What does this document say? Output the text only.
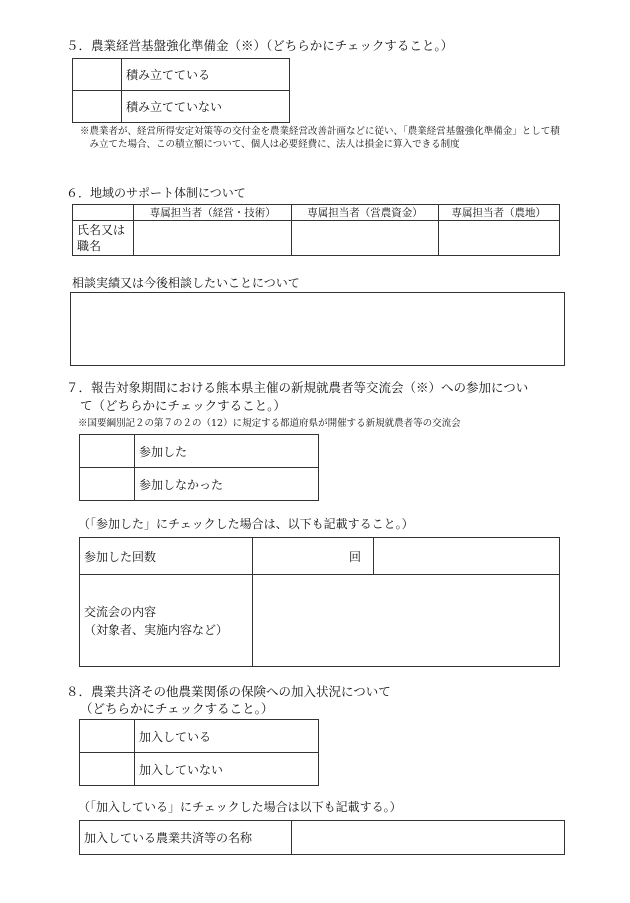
５．農業経営基盤強化準備金（※）（どちらかにチェックすること。）
	積み立てている
	積み立てていない
※農業者が、経営所得安定対策等の交付金を農業経営改善計画などに従い、「農業経営基盤強化準備金」として積み立てた場合、この積立額について、個人は必要経費に、法人は損金に算入できる制度
６．地域のサポート体制について
	専属担当者（経営・技術）	専属担当者（営農資金）	専属担当者（農地）
氏名又は職名			
相談実績又は今後相談したいことについて
７．報告対象期間における熊本県主催の新規就農者等交流会（※）への参加につい
て（どちらかにチェックすること。）
※国要綱別記２の第７の２の（12）に規定する都道府県が開催する新規就農者等の交流会
	参加した
	参加しなかった
（「参加した」にチェックした場合は、以下も記載すること。）
参加した回数	回	

交流会の内容
（対象者、実施内容など）		

８．農業共済その他農業関係の保険への加入状況について
（どちらかにチェックすること。）
	加入している
	加入していない
（「加入している」にチェックした場合は以下も記載する。）
加入している農業共済等の名称	
